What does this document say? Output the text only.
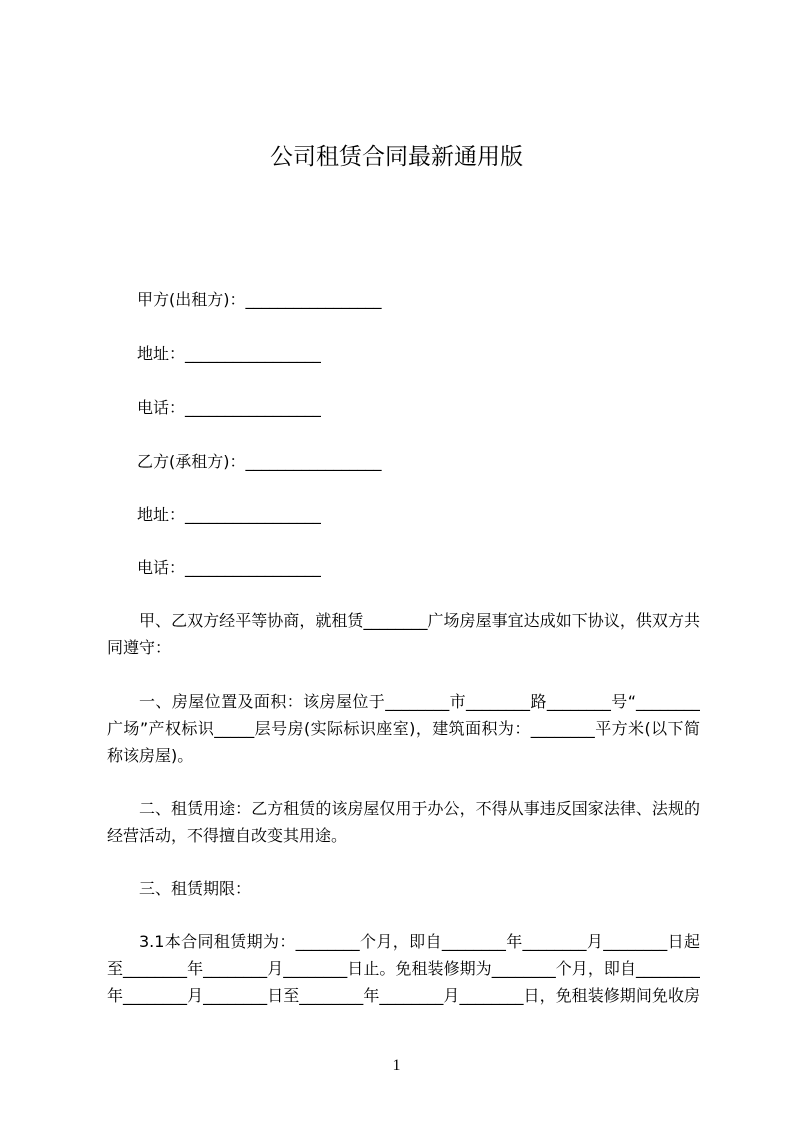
公司租赁合同最新通用版
甲方(出租方)：_________________
地址：_________________
电话：_________________
乙方(承租方)：_________________
地址：_________________
电话：_________________
甲、乙双方经平等协商，就租赁________广场房屋事宜达成如下协议，供双方共
同遵守：
一、房屋位置及面积：该房屋位于________市________路________号“________
广场”产权标识_____层号房(实际标识座室)，建筑面积为：________平方米(以下简
称该房屋)。
二、租赁用途：乙方租赁的该房屋仅用于办公，不得从事违反国家法律、法规的
经营活动，不得擅自改变其用途。
三、租赁期限：
3.1本合同租赁期为：________个月，即自________年________月________日起
至________年________月________日止。免租装修期为________个月，即自________
年________月________日至________年________月________日，免租装修期间免收房
1
